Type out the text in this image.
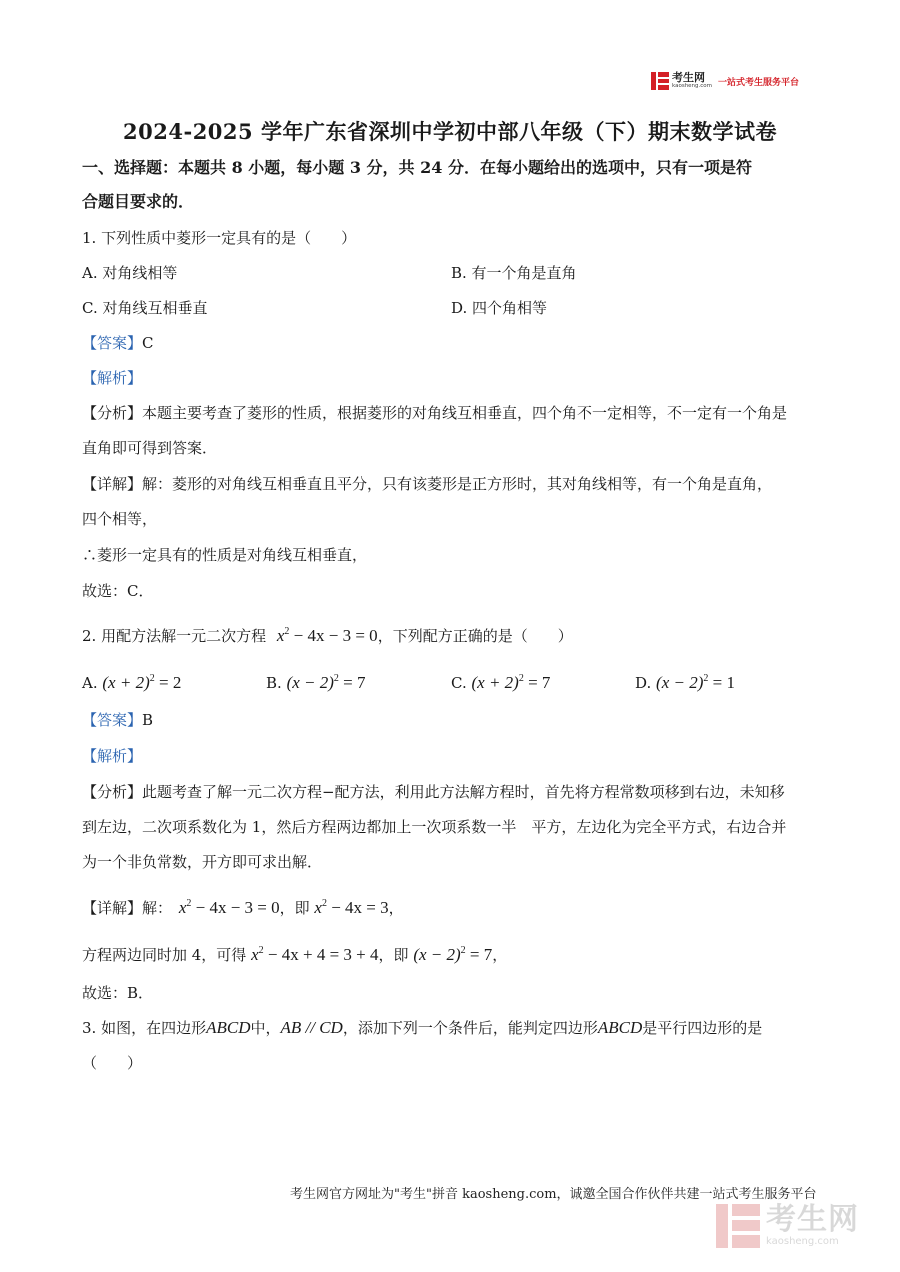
考生网
kaosheng.com 一站式考生服务平台
2024-2025 学年广东省深圳中学初中部八年级（下）期末数学试卷
一、选择题：本题共 8 小题，每小题 3 分，共 24 分．在每小题给出的选项中，只有一项是符
合题目要求的．
1. 下列性质中菱形一定具有的是（　　）
A. 对角线相等	B. 有一个角是直角
C. 对角线互相垂直	D. 四个角相等
【答案】C
【解析】
【分析】本题主要考查了菱形的性质，根据菱形的对角线互相垂直，四个角不一定相等，不一定有一个角是
直角即可得到答案．
【详解】解：菱形的对角线互相垂直且平分，只有该菱形是正方形时，其对角线相等，有一个角是直角，
四个相等，
∴菱形一定具有的性质是对角线互相垂直，
故选：C．
2. 用配方法解一元二次方程 $x^2 - 4x - 3 = 0$，下列配方正确的是（　　）
A. $(x + 2)^2 = 2$	B. $(x - 2)^2 = 7$	C. $(x + 2)^2 = 7$	D. $(x - 2)^2 = 1$
【答案】B
【解析】
【分析】此题考查了解一元二次方程−配方法，利用此方法解方程时，首先将方程常数项移到右边，未知移
到左边，二次项系数化为 1，然后方程两边都加上一次项系数一半　平方，左边化为完全平方式，右边合并
为一个非负常数，开方即可求出解．
【详解】解： $x^2 - 4x - 3 = 0$，即 $x^2 - 4x = 3$，
方程两边同时加 4，可得 $x^2 - 4x + 4 = 3 + 4$，即 $(x - 2)^2 = 7$，
故选：B．
3. 如图，在四边形ABCD中，AB // CD，添加下列一个条件后，能判定四边形ABCD是平行四边形的是
（　　）
考生网官方网址为"考生"拼音 kaosheng.com，诚邀全国合作伙伴共建一站式考生服务平台
考生网
kaosheng.com
